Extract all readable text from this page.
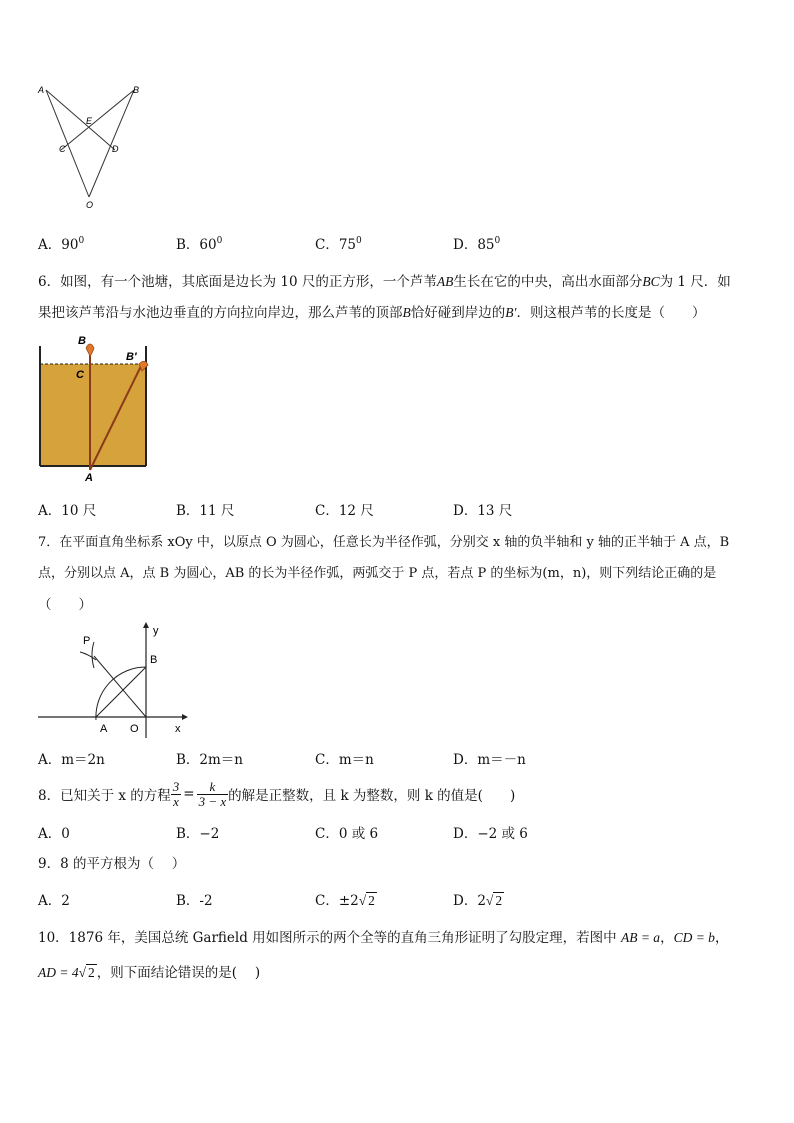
A	B
E
C	D
O
A．$90^0$	B．$60^0$	C．$75^0$	D．$85^0$
6．如图，有一个池塘，其底面是边长为 10 尺的正方形，一个芦苇AB生长在它的中央，高出水面部分BC为 1 尺．如
果把该芦苇沿与水池边垂直的方向拉向岸边，那么芦苇的顶部B恰好碰到岸边的B′．则这根芦苇的长度是（　　）
B
B′
C
A
A．10 尺	B．11 尺	C．12 尺	D．13 尺
7．在平面直角坐标系 xOy 中，以原点 O 为圆心，任意长为半径作弧，分别交 x 轴的负半轴和 y 轴的正半轴于 A 点，B
点，分别以点 A，点 B 为圆心，AB 的长为半径作弧，两弧交于 P 点，若点 P 的坐标为(m，n)，则下列结论正确的是
（　　）
P
y
B
A O	x
A．m＝2n	B．2m＝n	C．m＝n	D．m＝－n
8．已知关于 x 的方程 $\frac{3}{x} = \frac{k}{3 - x}$ 的解是正整数，且 k 为整数，则 k 的值是(　　)
A．0	B．−2	C．0 或 6	D．−2 或 6
9．8 的平方根为（　 ）
A．2	B．-2	C．±2√ 2	D．2√ 2
10．1876 年，美国总统 Garfield 用如图所示的两个全等的直角三角形证明了勾股定理，若图中 AB = a，CD = b，
AD = 4√ 2 ，则下面结论错误的是(　 )
